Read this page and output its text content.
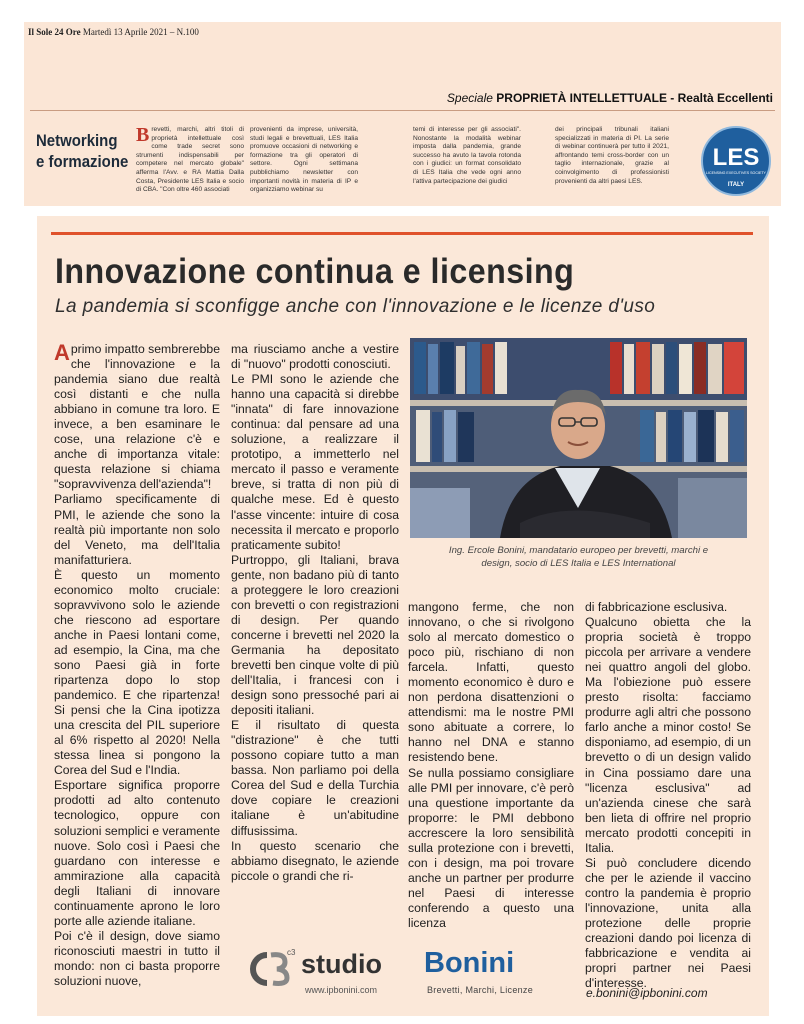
Il Sole 24 Ore Martedì 13 Aprile 2021 – N.100
Speciale PROPRIETÀ INTELLETTUALE - Realtà Eccellenti
Networking
e formazione
Brevetti, marchi, altri titoli di proprietà intellettuale così come trade secret sono strumenti indispensabili per competere nel mercato globale" afferma l'Avv. e RA Mattia Dalla Costa, Presidente LES Italia e socio di CBA. "Con oltre 460 associati
provenienti da imprese, università, studi legali e brevettuali, LES Italia promuove occasioni di networking e formazione tra gli operatori di settore. Ogni settimana pubblichiamo newsletter con importanti novità in materia di IP e organizziamo webinar su
temi di interesse per gli associati". Nonostante la modalità webinar imposta dalla pandemia, grande successo ha avuto la tavola rotonda con i giudici: un format consolidato di LES Italia che vede ogni anno l'attiva partecipazione dei giudici
dei principali tribunali italiani specializzati in materia di PI. La serie di webinar continuerà per tutto il 2021, affrontando temi cross-border con un taglio internazionale, grazie al coinvolgimento di professionisti provenienti da altri paesi LES.
LES
LICENSING EXECUTIVES SOCIETY
ITALY
Innovazione continua e licensing
La pandemia si sconfigge anche con l'innovazione e le licenze d'uso

Aprimo impatto sembrerebbe che l'innovazione e la pandemia siano due realtà così distanti e che nulla abbiano in comune tra loro. E invece, a ben esaminare le cose, una relazione c'è e anche di importanza vitale: questa relazione si chiama "sopravvivenza dell'azienda"!

Parliamo specificamente di PMI, le aziende che sono la realtà più importante non solo del Veneto, ma dell'Italia manifatturiera.

È questo un momento economico molto cruciale: sopravvivono solo le aziende che riescono ad esportare anche in Paesi lontani come, ad esempio, la Cina, ma che sono Paesi già in forte ripartenza dopo lo stop pandemico. E che ripartenza! Si pensi che la Cina ipotizza una crescita del PIL superiore al 6% rispetto al 2020! Nella stessa linea si pongono la Corea del Sud e l'India.

Esportare significa proporre prodotti ad alto contenuto tecnologico, oppure con soluzioni semplici e veramente nuove. Solo così i Paesi che guardano con interesse e ammirazione alla capacità degli Italiani di innovare continuamente aprono le loro porte alle aziende italiane.

Poi c'è il design, dove siamo riconosciuti maestri in tutto il mondo: non ci basta proporre soluzioni nuove,

ma riusciamo anche a vestire di "nuovo" prodotti conosciuti.

Le PMI sono le aziende che hanno una capacità si direbbe "innata" di fare innovazione continua: dal pensare ad una soluzione, a realizzare il prototipo, a immetterlo nel mercato il passo e veramente breve, si tratta di non più di qualche mese. Ed è questo l'asse vincente: intuire di cosa necessita il mercato e proporlo praticamente subito!

Purtroppo, gli Italiani, brava gente, non badano più di tanto a proteggere le loro creazioni con brevetti o con registrazioni di design. Per quando concerne i brevetti nel 2020 la Germania ha depositato brevetti ben cinque volte di più dell'Italia, i francesi con i design sono pressoché pari ai depositi italiani.

E il risultato di questa "distrazione" è che tutti possono copiare tutto a man bassa. Non parliamo poi della Corea del Sud e della Turchia dove copiare le creazioni italiane è un'abitudine diffusissima.

In questo scenario che abbiamo disegnato, le aziende piccole o grandi che ri-

Ing. Ercole Bonini, mandatario europeo per brevetti, marchi e
design, socio di LES Italia e LES International

mangono ferme, che non innovano, o che si rivolgono solo al mercato domestico o poco più, rischiano di non farcela. Infatti, questo momento economico è duro e non perdona disattenzioni o attendismi: ma le nostre PMI sono abituate a correre, lo hanno nel DNA e stanno resistendo bene.

Se nulla possiamo consigliare alle PMI per innovare, c'è però una questione importante da proporre: le PMI debbono accrescere la loro sensibilità sulla protezione con i brevetti, con i design, ma poi trovare anche un partner per produrre nel Paesi di interesse conferendo a questo una licenza

di fabbricazione esclusiva.

Qualcuno obietta che la propria società è troppo piccola per arrivare a vendere nei quattro angoli del globo. Ma l'obiezione può essere presto risolta: facciamo produrre agli altri che possono farlo anche a minor costo! Se disponiamo, ad esempio, di un brevetto o di un design valido in Cina possiamo dare una "licenza esclusiva" ad un'azienda cinese che sarà ben lieta di offrire nel proprio mercato prodotti concepiti in Italia.

Si può concludere dicendo che per le aziende il vaccino contro la pandemia è proprio l'innovazione, unita alla protezione delle proprie creazioni dando poi licenza di fabbricazione e vendita ai propri partner nei Paesi d'interesse.

e.bonini@ipbonini.com
c3 studio Bonini
www.ipbonini.com	Brevetti, Marchi, Licenze
